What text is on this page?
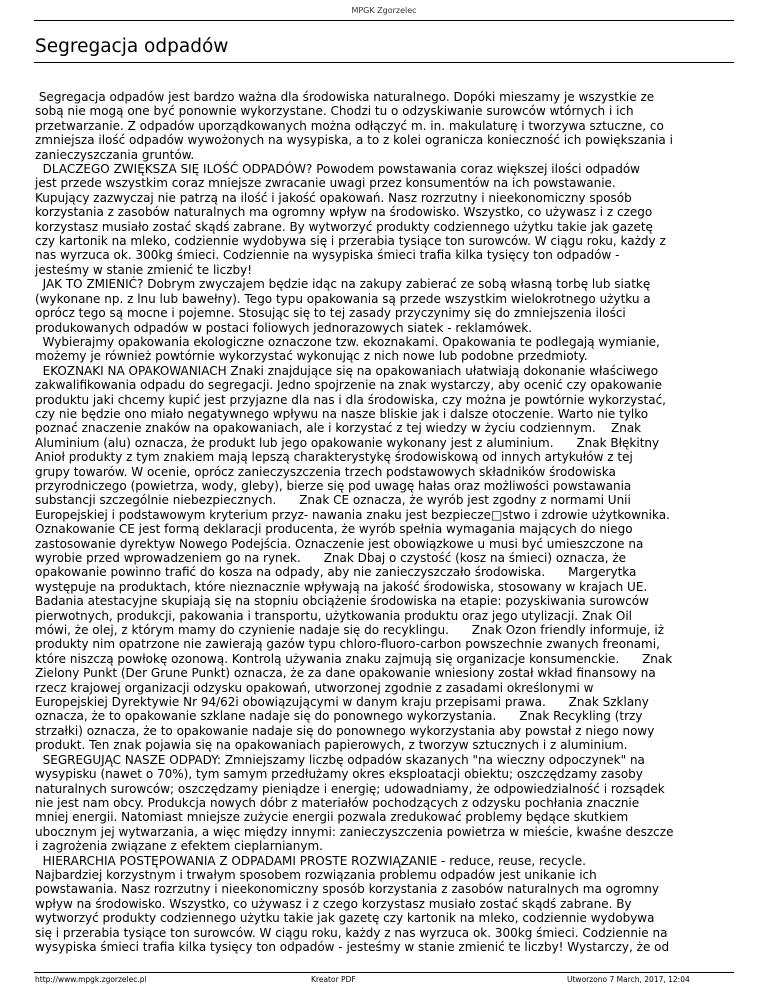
MPGK Zgorzelec
Segregacja odpadów
Segregacja odpadów jest bardzo ważna dla środowiska naturalnego. Dopóki mieszamy je wszystkie ze
sobą nie mogą one być ponownie wykorzystane. Chodzi tu o odzyskiwanie surowców wtórnych i ich
przetwarzanie. Z odpadów uporządkowanych można odłączyć m. in. makulaturę i tworzywa sztuczne, co
zmniejsza ilość odpadów wywożonych na wysypiska, a to z kolei ogranicza konieczność ich powiększania i
zanieczyszczania gruntów.
DLACZEGO ZWIĘKSZA SIĘ ILOŚĆ ODPADÓW? Powodem powstawania coraz większej ilości odpadów
jest przede wszystkim coraz mniejsze zwracanie uwagi przez konsumentów na ich powstawanie.
Kupujący zazwyczaj nie patrzą na ilość i jakość opakowań. Nasz rozrzutny i nieekonomiczny sposób
korzystania z zasobów naturalnych ma ogromny wpływ na środowisko. Wszystko, co używasz i z czego
korzystasz musiało zostać skądś zabrane. By wytworzyć produkty codziennego użytku takie jak gazetę
czy kartonik na mleko, codziennie wydobywa się i przerabia tysiące ton surowców. W ciągu roku, każdy z
nas wyrzuca ok. 300kg śmieci. Codziennie na wysypiska śmieci trafia kilka tysięcy ton odpadów -
jesteśmy w stanie zmienić te liczby!
JAK TO ZMIENIĆ? Dobrym zwyczajem będzie idąc na zakupy zabierać ze sobą własną torbę lub siatkę
(wykonane np. z lnu lub bawełny). Tego typu opakowania są przede wszystkim wielokrotnego użytku a
oprócz tego są mocne i pojemne. Stosując się to tej zasady przyczynimy się do zmniejszenia ilości
produkowanych odpadów w postaci foliowych jednorazowych siatek - reklamówek.
Wybierajmy opakowania ekologiczne oznaczone tzw. ekoznakami. Opakowania te podlegają wymianie,
możemy je również powtórnie wykorzystać wykonując z nich nowe lub podobne przedmioty.
EKOZNAKI NA OPAKOWANIACH Znaki znajdujące się na opakowaniach ułatwiają dokonanie właściwego
zakwalifikowania odpadu do segregacji. Jedno spojrzenie na znak wystarczy, aby ocenić czy opakowanie
produktu jaki chcemy kupić jest przyjazne dla nas i dla środowiska, czy można je powtórnie wykorzystać,
czy nie będzie ono miało negatywnego wpływu na nasze bliskie jak i dalsze otoczenie. Warto nie tylko
poznać znaczenie znaków na opakowaniach, ale i korzystać z tej wiedzy w życiu codziennym.    Znak
Aluminium (alu) oznacza, że produkt lub jego opakowanie wykonany jest z aluminium.      Znak Błękitny
Anioł produkty z tym znakiem mają lepszą charakterystykę środowiskową od innych artykułów z tej
grupy towarów. W ocenie, oprócz zanieczyszczenia trzech podstawowych składników środowiska
przyrodniczego (powietrza, wody, gleby), bierze się pod uwagę hałas oraz możliwości powstawania
substancji szczególnie niebezpiecznych.      Znak CE oznacza, że wyrób jest zgodny z normami Unii
Europejskiej i podstawowym kryterium przyz- nawania znaku jest bezpiecze□stwo i zdrowie użytkownika.
Oznakowanie CE jest formą deklaracji producenta, że wyrób spełnia wymagania mających do niego
zastosowanie dyrektyw Nowego Podejścia. Oznaczenie jest obowiązkowe u musi być umieszczone na
wyrobie przed wprowadzeniem go na rynek.      Znak Dbaj o czystość (kosz na śmieci) oznacza, że
opakowanie powinno trafić do kosza na odpady, aby nie zanieczyszczało środowiska.      Margerytka
występuje na produktach, które nieznacznie wpływają na jakość środowiska, stosowany w krajach UE.
Badania atestacyjne skupiają się na stopniu obciążenie środowiska na etapie: pozyskiwania surowców
pierwotnych, produkcji, pakowania i transportu, użytkowania produktu oraz jego utylizacji. Znak Oil
mówi, że olej, z którym mamy do czynienie nadaje się do recyklingu.      Znak Ozon friendly informuje, iż
produkty nim opatrzone nie zawierają gazów typu chloro-fluoro-carbon powszechnie zwanych freonami,
które niszczą powłokę ozonową. Kontrolą używania znaku zajmują się organizacje konsumenckie.      Znak
Zielony Punkt (Der Grune Punkt) oznacza, że za dane opakowanie wniesiony został wkład finansowy na
rzecz krajowej organizacji odzysku opakowań, utworzonej zgodnie z zasadami określonymi w
Europejskiej Dyrektywie Nr 94/62i obowiązującymi w danym kraju przepisami prawa.      Znak Szklany
oznacza, że to opakowanie szklane nadaje się do ponownego wykorzystania.      Znak Recykling (trzy
strzałki) oznacza, że to opakowanie nadaje się do ponownego wykorzystania aby powstał z niego nowy
produkt. Ten znak pojawia się na opakowaniach papierowych, z tworzyw sztucznych i z aluminium.
SEGREGUJĄC NASZE ODPADY: Zmniejszamy liczbę odpadów skazanych "na wieczny odpoczynek" na
wysypisku (nawet o 70%), tym samym przedłużamy okres eksploatacji obiektu; oszczędzamy zasoby
naturalnych surowców; oszczędzamy pieniądze i energię; udowadniamy, że odpowiedzialność i rozsądek
nie jest nam obcy. Produkcja nowych dóbr z materiałów pochodzących z odzysku pochłania znacznie
mniej energii. Natomiast mniejsze zużycie energii pozwala zredukować problemy będące skutkiem
ubocznym jej wytwarzania, a więc między innymi: zanieczyszczenia powietrza w mieście, kwaśne deszcze
i zagrożenia związane z efektem cieplarnianym.
HIERARCHIA POSTĘPOWANIA Z ODPADAMI PROSTE ROZWIĄZANIE - reduce, reuse, recycle.
Najbardziej korzystnym i trwałym sposobem rozwiązania problemu odpadów jest unikanie ich
powstawania. Nasz rozrzutny i nieekonomiczny sposób korzystania z zasobów naturalnych ma ogromny
wpływ na środowisko. Wszystko, co używasz i z czego korzystasz musiało zostać skądś zabrane. By
wytworzyć produkty codziennego użytku takie jak gazetę czy kartonik na mleko, codziennie wydobywa
się i przerabia tysiące ton surowców. W ciągu roku, każdy z nas wyrzuca ok. 300kg śmieci. Codziennie na
wysypiska śmieci trafia kilka tysięcy ton odpadów - jesteśmy w stanie zmienić te liczby! Wystarczy, że od
http://www.mpgk.zgorzelec.pl	Kreator PDF	Utworzono 7 March, 2017, 12:04
